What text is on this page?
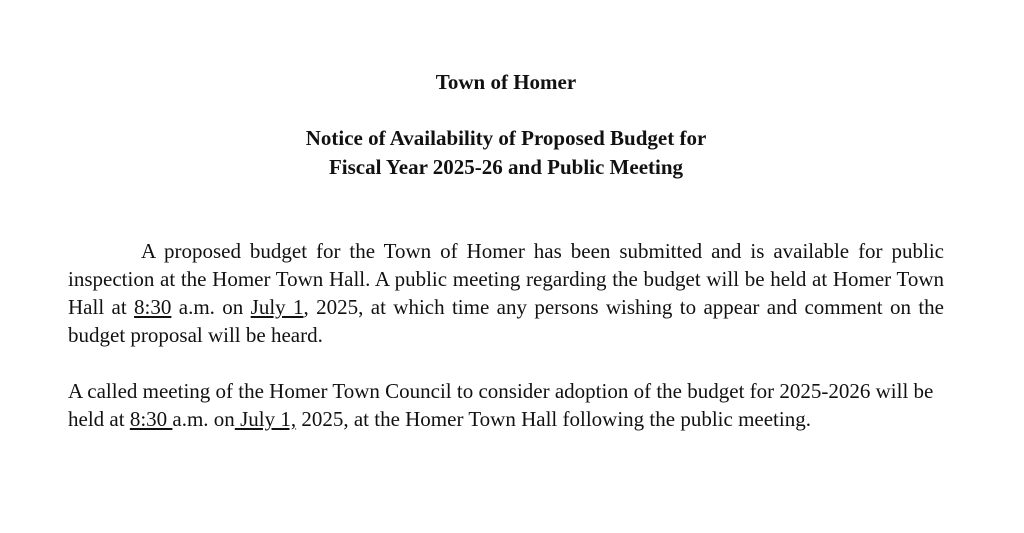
Town of Homer
Notice of Availability of Proposed Budget for
Fiscal Year 2025-26 and Public Meeting

A proposed budget for the Town of Homer has been submitted and is available for public inspection at the Homer Town Hall. A public meeting regarding the budget will be held at Homer Town Hall at 8:30 a.m. on July 1, 2025, at which time any persons wishing to appear and comment on the budget proposal will be heard.

A called meeting of the Homer Town Council to consider adoption of the budget for 2025-2026 will be held at 8:30 a.m. on July 1, 2025, at the Homer Town Hall following the public meeting.
